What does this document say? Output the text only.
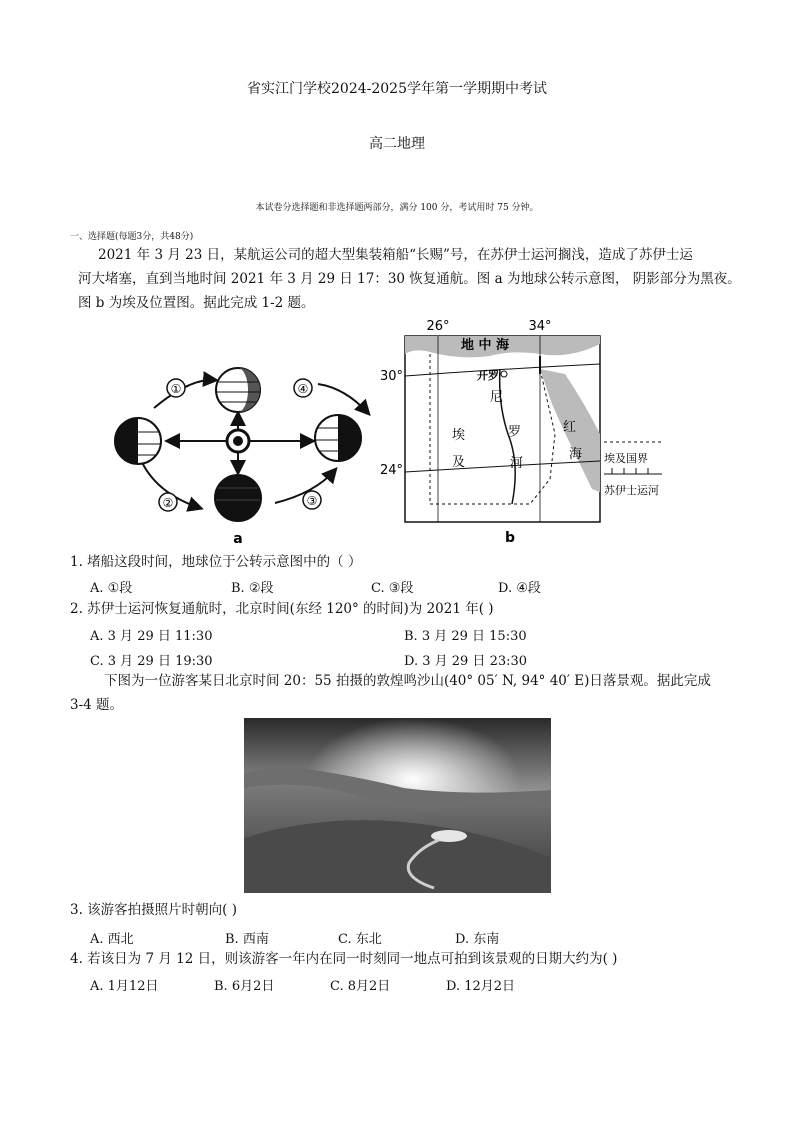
省实江门学校2024-2025学年第一学期期中考试
高二地理
本试卷分选择题和非选择题两部分，满分 100 分，考试用时 75 分钟。
一、选择题(每题3分，共48分)
2021 年 3 月 23 日，某航运公司的超大型集装箱船“长赐”号，在苏伊士运河搁浅，造成了苏伊士运
河大堵塞，直到当地时间 2021 年 3 月 29 日 17：30 恢复通航。图 a 为地球公转示意图， 阴影部分为黑夜。
图 b 为埃及位置图。据此完成 1-2 题。
①	④
②	③
a
26°	34°
地 中 海
开罗
30°
24°
尼
罗
河
埃
及
红
海 埃及国界
苏伊士运河
b
1. 堵船这段时间，地球位于公转示意图中的（ ）
A. ①段	B. ②段	C. ③段	D. ④段
2. 苏伊士运河恢复通航时，北京时间(东经 120° 的时间)为 2021 年( )
A. 3 月 29 日 11:30	B. 3 月 29 日 15:30
C. 3 月 29 日 19:30	D. 3 月 29 日 23:30
下图为一位游客某日北京时间 20：55 拍摄的敦煌鸣沙山(40° 05′ N, 94° 40′ E)日落景观。据此完成
3-4 题。
3. 该游客拍摄照片时朝向( )
A. 西北	B. 西南	C. 东北	D. 东南
4. 若该日为 7 月 12 日，则该游客一年内在同一时刻同一地点可拍到该景观的日期大约为( )
A. 1月12日	B. 6月2日	C. 8月2日	D. 12月2日
